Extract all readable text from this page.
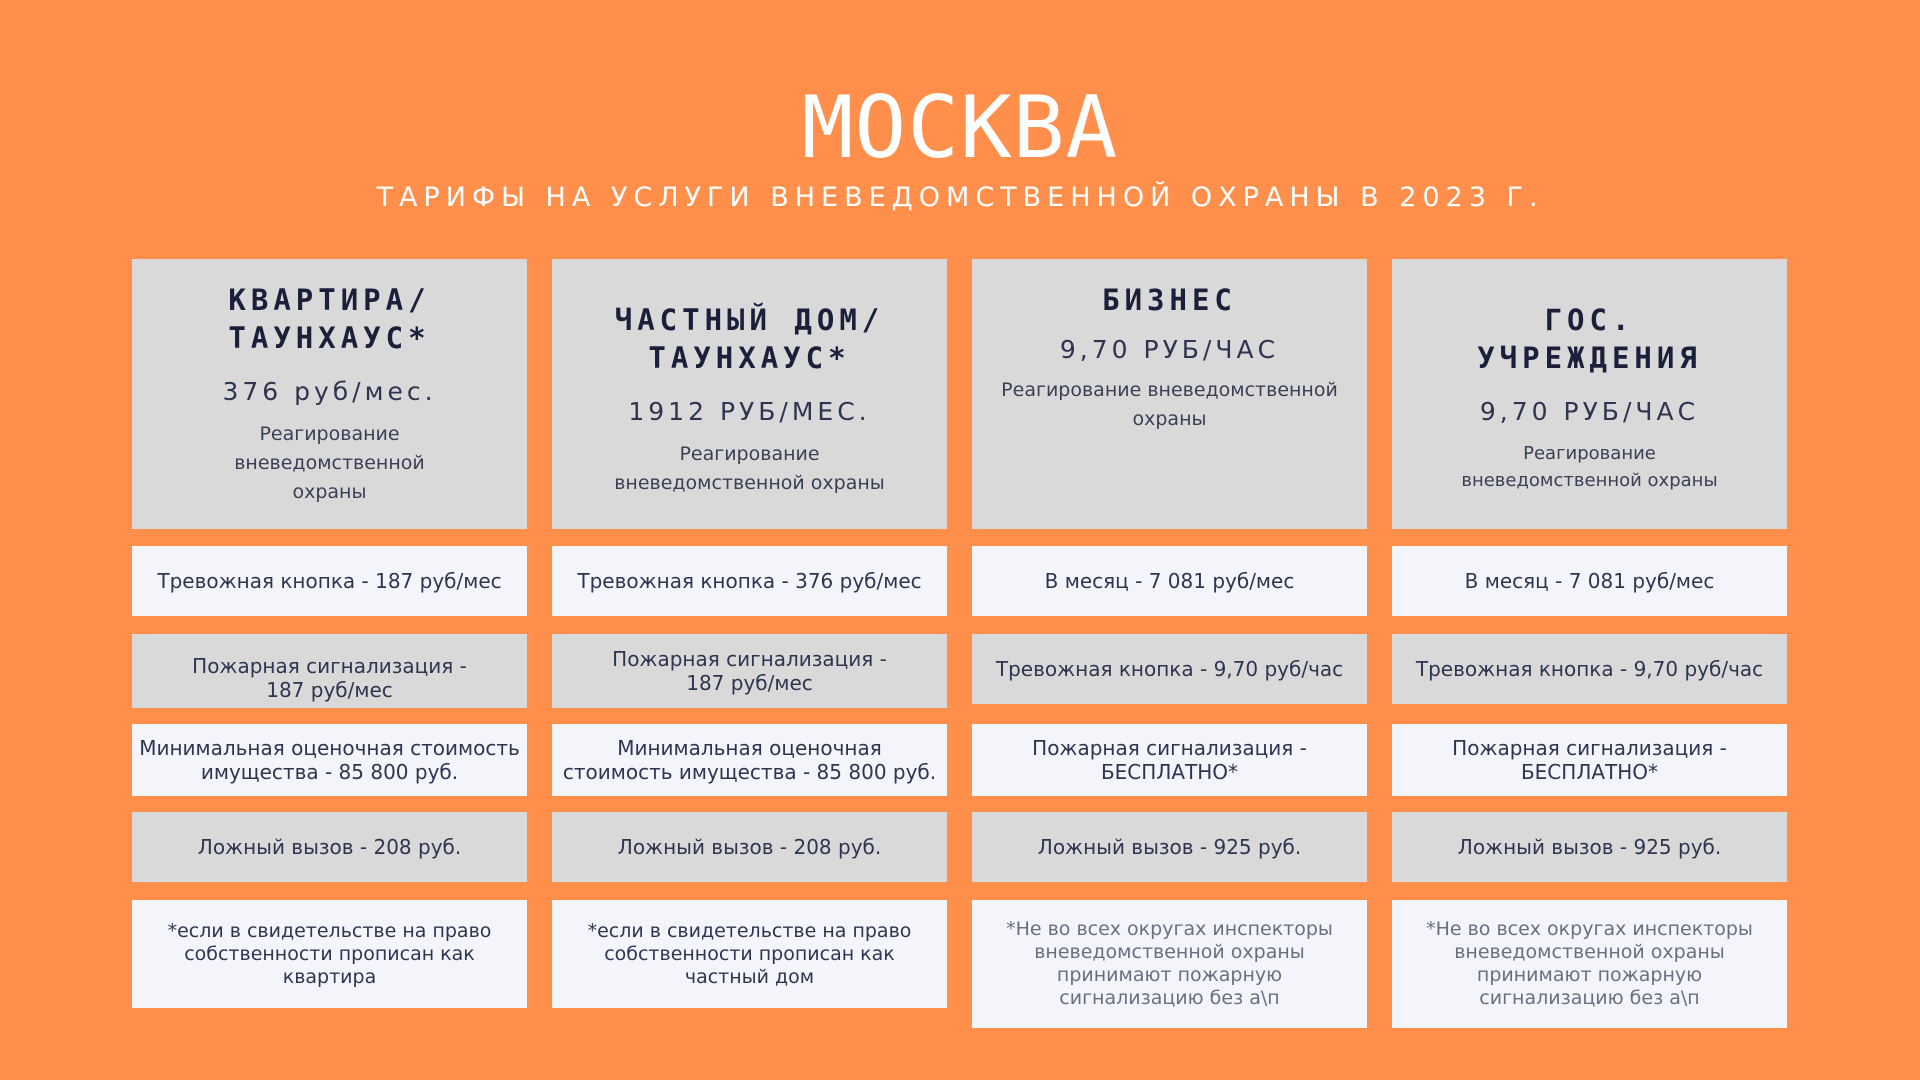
МОСКВА
ТАРИФЫ НА УСЛУГИ ВНЕВЕДОМСТВЕННОЙ ОХРАНЫ В 2023 Г.
КВАРТИРА/
ТАУНХАУС*
376 руб/мес.
Реагирование
вневедомственной
охраны
Тревожная кнопка - 187 руб/мес
Пожарная сигнализация -
187 руб/мес
Минимальная оценочная стоимость
имущества - 85 800 руб.
Ложный вызов - 208 руб.
*если в свидетельстве на право
собственности прописан как
квартира
ЧАСТНЫЙ ДОМ/
ТАУНХАУС*
1912 РУБ/МЕС.
Реагирование
вневедомственной охраны
Тревожная кнопка - 376 руб/мес
Пожарная сигнализация -
187 руб/мес
Минимальная оценочная
стоимость имущества - 85 800 руб.
Ложный вызов - 208 руб.
*если в свидетельстве на право
собственности прописан как
частный дом
БИЗНЕС
9,70 РУБ/ЧАС
Реагирование вневедомственной
охраны
В месяц - 7 081 руб/мес
Тревожная кнопка - 9,70 руб/час
Пожарная сигнализация -
БЕСПЛАТНО*
Ложный вызов - 925 руб.
*Не во всех округах инспекторы
вневедомственной охраны
принимают пожарную
сигнализацию без а\п
ГОС.
УЧРЕЖДЕНИЯ
9,70 РУБ/ЧАС
Реагирование
вневедомственной охраны
В месяц - 7 081 руб/мес
Тревожная кнопка - 9,70 руб/час
Пожарная сигнализация -
БЕСПЛАТНО*
Ложный вызов - 925 руб.
*Не во всех округах инспекторы
вневедомственной охраны
принимают пожарную
сигнализацию без а\п
